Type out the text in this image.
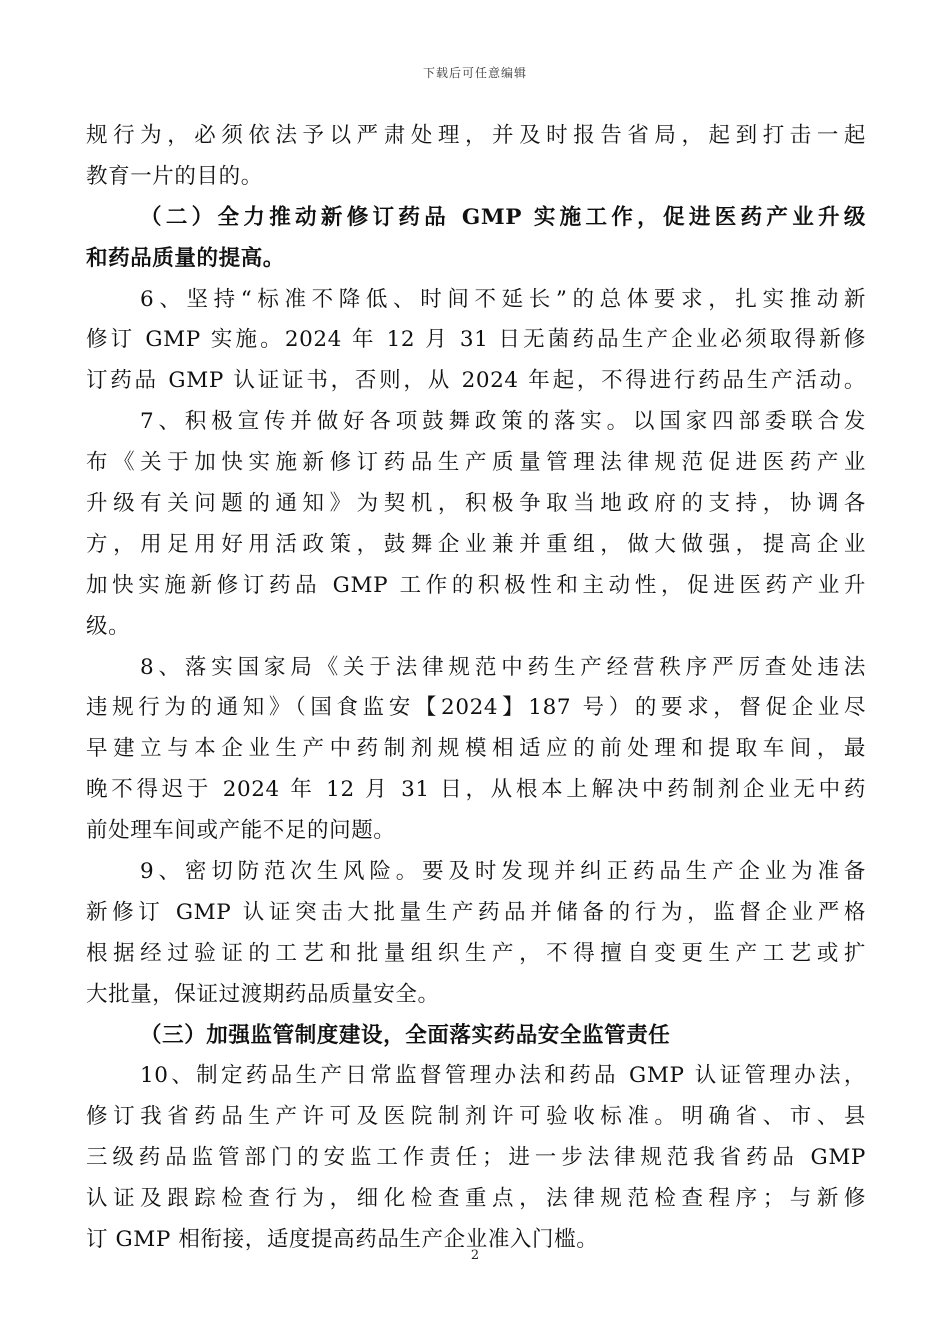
下载后可任意编辑
规行为，必须依法予以严肃处理，并及时报告省局，起到打击一起
教育一片的目的。
（二）全力推动新修订药品 GMP 实施工作，促进医药产业升级
和药品质量的提高。
6、坚持“标准不降低、时间不延长”的总体要求，扎实推动新
修订 GMP 实施。2024 年 12 月 31 日无菌药品生产企业必须取得新修
订药品 GMP 认证证书，否则，从 2024 年起，不得进行药品生产活动。
7、积极宣传并做好各项鼓舞政策的落实。以国家四部委联合发
布《关于加快实施新修订药品生产质量管理法律规范促进医药产业
升级有关问题的通知》为契机，积极争取当地政府的支持，协调各
方，用足用好用活政策，鼓舞企业兼并重组，做大做强，提高企业
加快实施新修订药品 GMP 工作的积极性和主动性，促进医药产业升
级。
8、落实国家局《关于法律规范中药生产经营秩序严厉查处违法
违规行为的通知》（国食监安【2024】187 号）的要求，督促企业尽
早建立与本企业生产中药制剂规模相适应的前处理和提取车间，最
晚不得迟于 2024 年 12 月 31 日，从根本上解决中药制剂企业无中药
前处理车间或产能不足的问题。
9、密切防范次生风险。要及时发现并纠正药品生产企业为准备
新修订 GMP 认证突击大批量生产药品并储备的行为，监督企业严格
根据经过验证的工艺和批量组织生产，不得擅自变更生产工艺或扩
大批量，保证过渡期药品质量安全。
（三）加强监管制度建设，全面落实药品安全监管责任
10、制定药品生产日常监督管理办法和药品 GMP 认证管理办法，
修订我省药品生产许可及医院制剂许可验收标准。明确省、市、县
三级药品监管部门的安监工作责任；进一步法律规范我省药品 GMP
认证及跟踪检查行为，细化检查重点，法律规范检查程序；与新修
订 GMP 相衔接，适度提高药品生产企业准入门槛。
2
